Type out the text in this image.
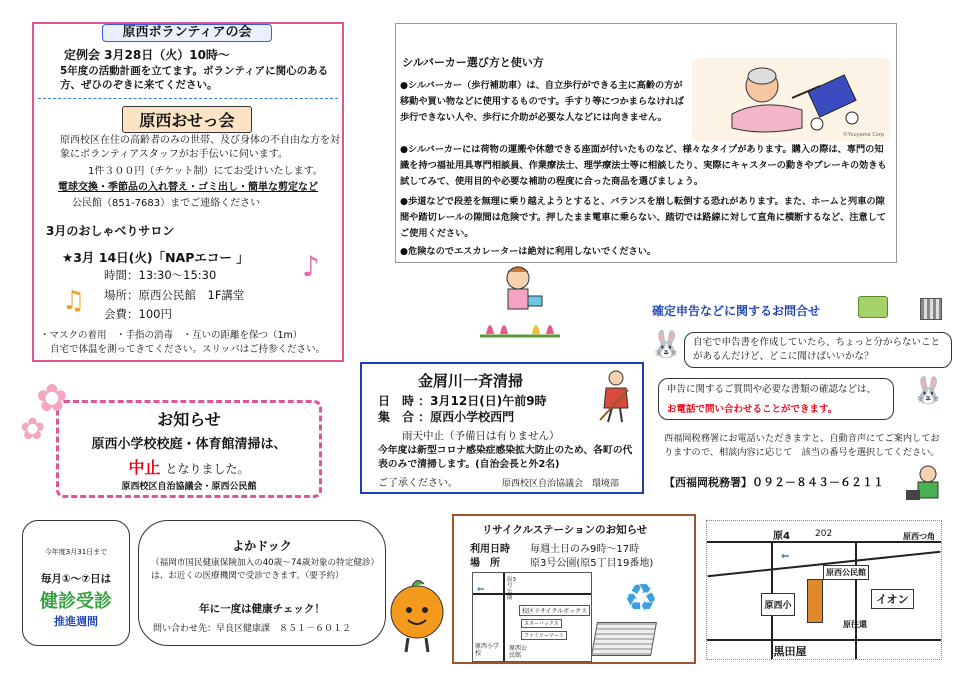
原西ボランティアの会
定例会 3月28日（火）10時～
5年度の活動計画を立てます。ボランティアに関心のある方、ぜひのぞきに来てください。
原西おせっ会
原西校区在住の高齢者のみの世帯、及び身体の不自由な方を対象にボランティアスタッフがお手伝いに伺います。
1件３００円（チケット制）にてお受けいたします。
電球交換・季節品の入れ替え・ゴミ出し・簡単な剪定など
公民館（851-7683）までご連絡ください
3月のおしゃべりサロン
★3月 14日(火)「NAPエコー 」
時間：13:30～15:30
場所：原西公民館　1F講堂
会費：100円
♪
♫
・マスクの着用　・手指の消毒　・互いの距離を保つ（1m）
自宅で体温を測ってきてください。スリッパはご持参ください。
シルバーカー選び方と使い方
●シルバーカー（歩行補助車）は、自立歩行ができる主に高齢の方が移動や買い物などに使用するものです。手すり等につかまらなければ歩行できない人や、歩行に介助が必要な人などには向きません。
©Yuuyama Corp
●シルバーカーには荷物の運搬や休憩できる座面が付いたものなど、様々なタイプがあります。購入の際は、専門の知識を持つ福祉用具専門相談員、作業療法士、理学療法士等に相談したり、実際にキャスターの動きやブレーキの効きも試してみて、使用目的や必要な補助の程度に合った商品を選びましょう。
●歩道などで段差を無理に乗り越えようとすると、バランスを崩し転倒する恐れがあります。また、ホームと列車の隙間や踏切レールの隙間は危険です。押したまま電車に乗らない、踏切では路線に対して直角に横断するなど、注意してご使用ください。
●危険なのでエスカレーターは絶対に利用しないでください。
お知らせ
原西小学校校庭・体育館清掃は、
中止 となりました。
原西校区自治協議会・原西公民館
✿
✿
金屑川一斉清掃
日　時 ：3月12日(日)午前9時
集　合 ：原西小学校西門
雨天中止（予備日は有りません）
今年度は新型コロナ感染症感染拡大防止のため、各町の代表のみで清掃します。(自治会長と外2名)
ご了承ください。	原西校区自治協議会　環境部
確定申告などに関するお問合せ
🐰 自宅で申告書を作成していたら、ちょっと分からないことがあるんだけど、どこに聞けばいいかな？
申告に関するご質問や必要な書類の確認などは、
お電話で問い合わせることができます。
🐰
西福岡税務署にお電話いただきますと、自動音声にてご案内しておりますので、相談内容に応じて　該当の番号を選択してください。
【西福岡税務署】０９２－８４３－６２１１
今年度3月31日まで
毎月①～⑦日は
健診受診
推進週間
よかドック
（福岡市国民健康保険加入の40歳～74歳対象の特定健診）は、お近くの医療機関で受診できます。（要予約）
年に一度は健康チェック！
問い合わせ先：早良区健康課　８５１－６０１２
リサイクルステーションのお知らせ
利用日時 毎週土日のみ9時～17時
場　所	原3号公園(原5丁目19番地)
⇐
原3号公園
校区リサイクルボックス
スターバックス
ファミリーマート
原西小学校
原西公民館
♻
原4	202	原西つ角
⇐
原西公民館
原西小	イオン
原往還
黒田屋
